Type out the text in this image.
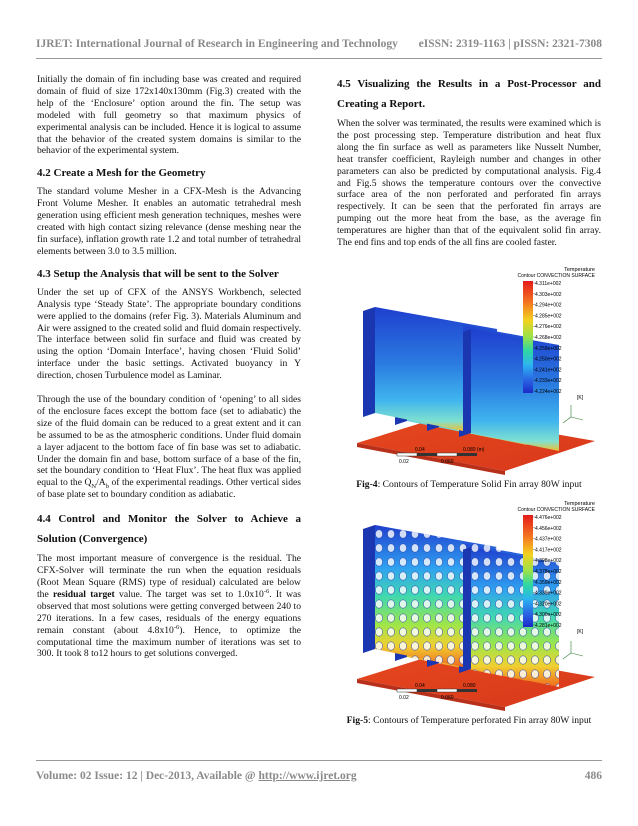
IJRET: International Journal of Research in Engineering and Technology eISSN: 2319-1163 | pISSN: 2321-7308

Initially the domain of fin including base was created and required domain of fluid of size 172x140x130mm (Fig.3) created with the help of the ‘Enclosure’ option around the fin. The setup was modeled with full geometry so that maximum physics of experimental analysis can be included. Hence it is logical to assume that the behavior of the created system domains is similar to the behavior of the experimental system.

4.2 Create a Mesh for the Geometry

The standard volume Mesher in a CFX-Mesh is the Advancing Front Volume Mesher. It enables an automatic tetrahedral mesh generation using efficient mesh generation techniques, meshes were created with high contact sizing relevance (dense meshing near the fin surface), inflation growth rate 1.2 and total number of tetrahedral elements between 3.0 to 3.5 million.

4.3 Setup the Analysis that will be sent to the Solver

Under the set up of CFX of the ANSYS Workbench, selected Analysis type ‘Steady State’. The appropriate boundary conditions were applied to the domains (refer Fig. 3). Materials Aluminum and Air were assigned to the created solid and fluid domain respectively. The interface between solid fin surface and fluid was created by using the option ‘Domain Interface’, having chosen ‘Fluid Solid’ interface under the basic settings. Activated buoyancy in Y direction, chosen Turbulence model as Laminar.

Through the use of the boundary condition of ‘opening’ to all sides of the enclosure faces except the bottom face (set to adiabatic) the size of the fluid domain can be reduced to a great extent and it can be assumed to be as the atmospheric conditions. Under fluid domain a layer adjacent to the bottom face of fin base was set to adiabatic. Under the domain fin and base, bottom surface of a base of the fin, set the boundary condition to ‘Heat Flux’. The heat flux was applied equal to the $Q_N/A_b$ of the experimental readings. Other vertical sides of base plate set to boundary condition as adiabatic.

4.4 Control and Monitor the Solver to Achieve a Solution (Convergence)

The most important measure of convergence is the residual. The CFX-Solver will terminate the run when the equation residuals (Root Mean Square (RMS) type of residual) calculated are below the residual target value. The target was set to $1.0x10^{-6}$. It was observed that most solutions were getting converged between 240 to 270 iterations. In a few cases, residuals of the energy equations remain constant (about $4.8x10^{-6}$). Hence, to optimize the computational time the maximum number of iterations was set to 300. It took 8 to12 hours to get solutions converged.

4.5 Visualizing the Results in a Post-Processor and Creating a Report.

When the solver was terminated, the results were examined which is the post processing step. Temperature distribution and heat flux along the fin surface as well as parameters like Nusselt Number, heat transfer coefficient, Rayleigh number and changes in other parameters can also be predicted by computational analysis. Fig.4 and Fig.5 shows the temperature contours over the convective surface area of the non perforated and perforated fin arrays respectively. It can be seen that the perforated fin arrays are pumping out the more heat from the base, as the average fin temperatures are higher than that of the equivalent solid fin array. The end fins and top ends of the all fins are cooled faster.

Temperature
Contour CONVECTION SURFACE
4.311e+002
4.303e+002
4.294e+002
4.285e+002
4.276e+002
4.268e+002
4.259e+002
4.250e+002
4.241e+002
4.233e+002
4.224e+002
[K]
0.02
0.04
0.060
0.080 (m)
Fig-4: Contours of Temperature Solid Fin array 80W input
Temperature
Contour CONVECTION SURFACE
4.476e+002
4.456e+002
4.437e+002
4.417e+002
4.398e+002
4.378e+002
4.359e+002
4.339e+002
4.320e+002
4.300e+002
4.281e+002
[K]
0.02
0.04
0.060
0.080
Fig-5: Contours of Temperature perforated Fin array 80W input
Volume: 02 Issue: 12 | Dec-2013, Available @ http://www.ijret.org	486
